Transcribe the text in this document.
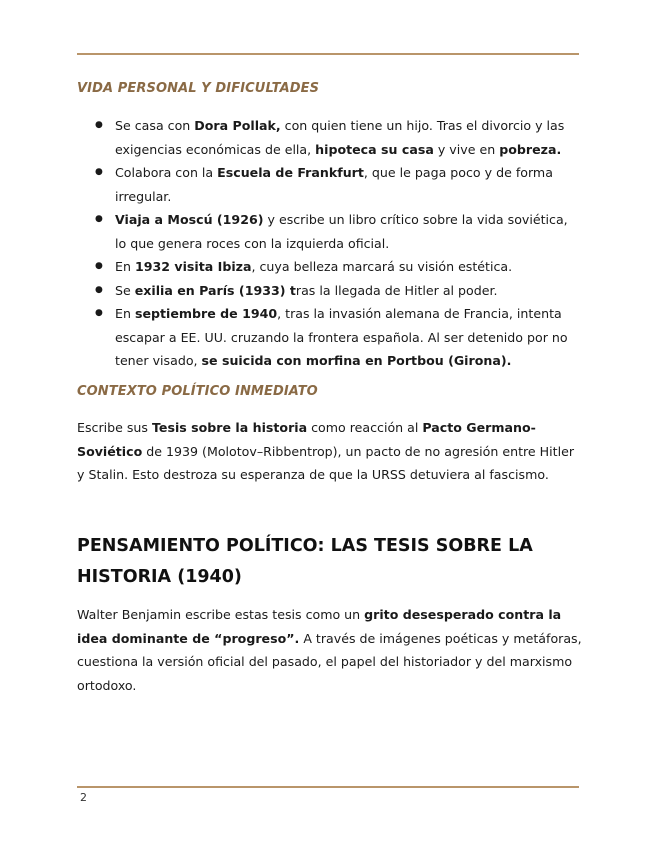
VIDA PERSONAL Y DIFICULTADES
● Se casa con Dora Pollak, con quien tiene un hijo. Tras el divorcio y las exigencias económicas de ella, hipoteca su casa y vive en pobreza.
● Colabora con la Escuela de Frankfurt, que le paga poco y de forma irregular.
● Viaja a Moscú (1926) y escribe un libro crítico sobre la vida soviética, lo que genera roces con la izquierda oficial.
● En 1932 visita Ibiza, cuya belleza marcará su visión estética.
● Se exilia en París (1933) tras la llegada de Hitler al poder.
● En septiembre de 1940, tras la invasión alemana de Francia, intenta escapar a EE. UU. cruzando la frontera española. Al ser detenido por no tener visado, se suicida con morfina en Portbou (Girona).
CONTEXTO POLÍTICO INMEDIATO

Escribe sus Tesis sobre la historia como reacción al Pacto Germano-Soviético de 1939 (Molotov–Ribbentrop), un pacto de no agresión entre Hitler y Stalin. Esto destroza su esperanza de que la URSS detuviera al fascismo.

PENSAMIENTO POLÍTICO: LAS TESIS SOBRE LA HISTORIA (1940)

Walter Benjamin escribe estas tesis como un grito desesperado contra la idea dominante de “progreso”. A través de imágenes poéticas y metáforas, cuestiona la versión oficial del pasado, el papel del historiador y del marxismo ortodoxo.

2
